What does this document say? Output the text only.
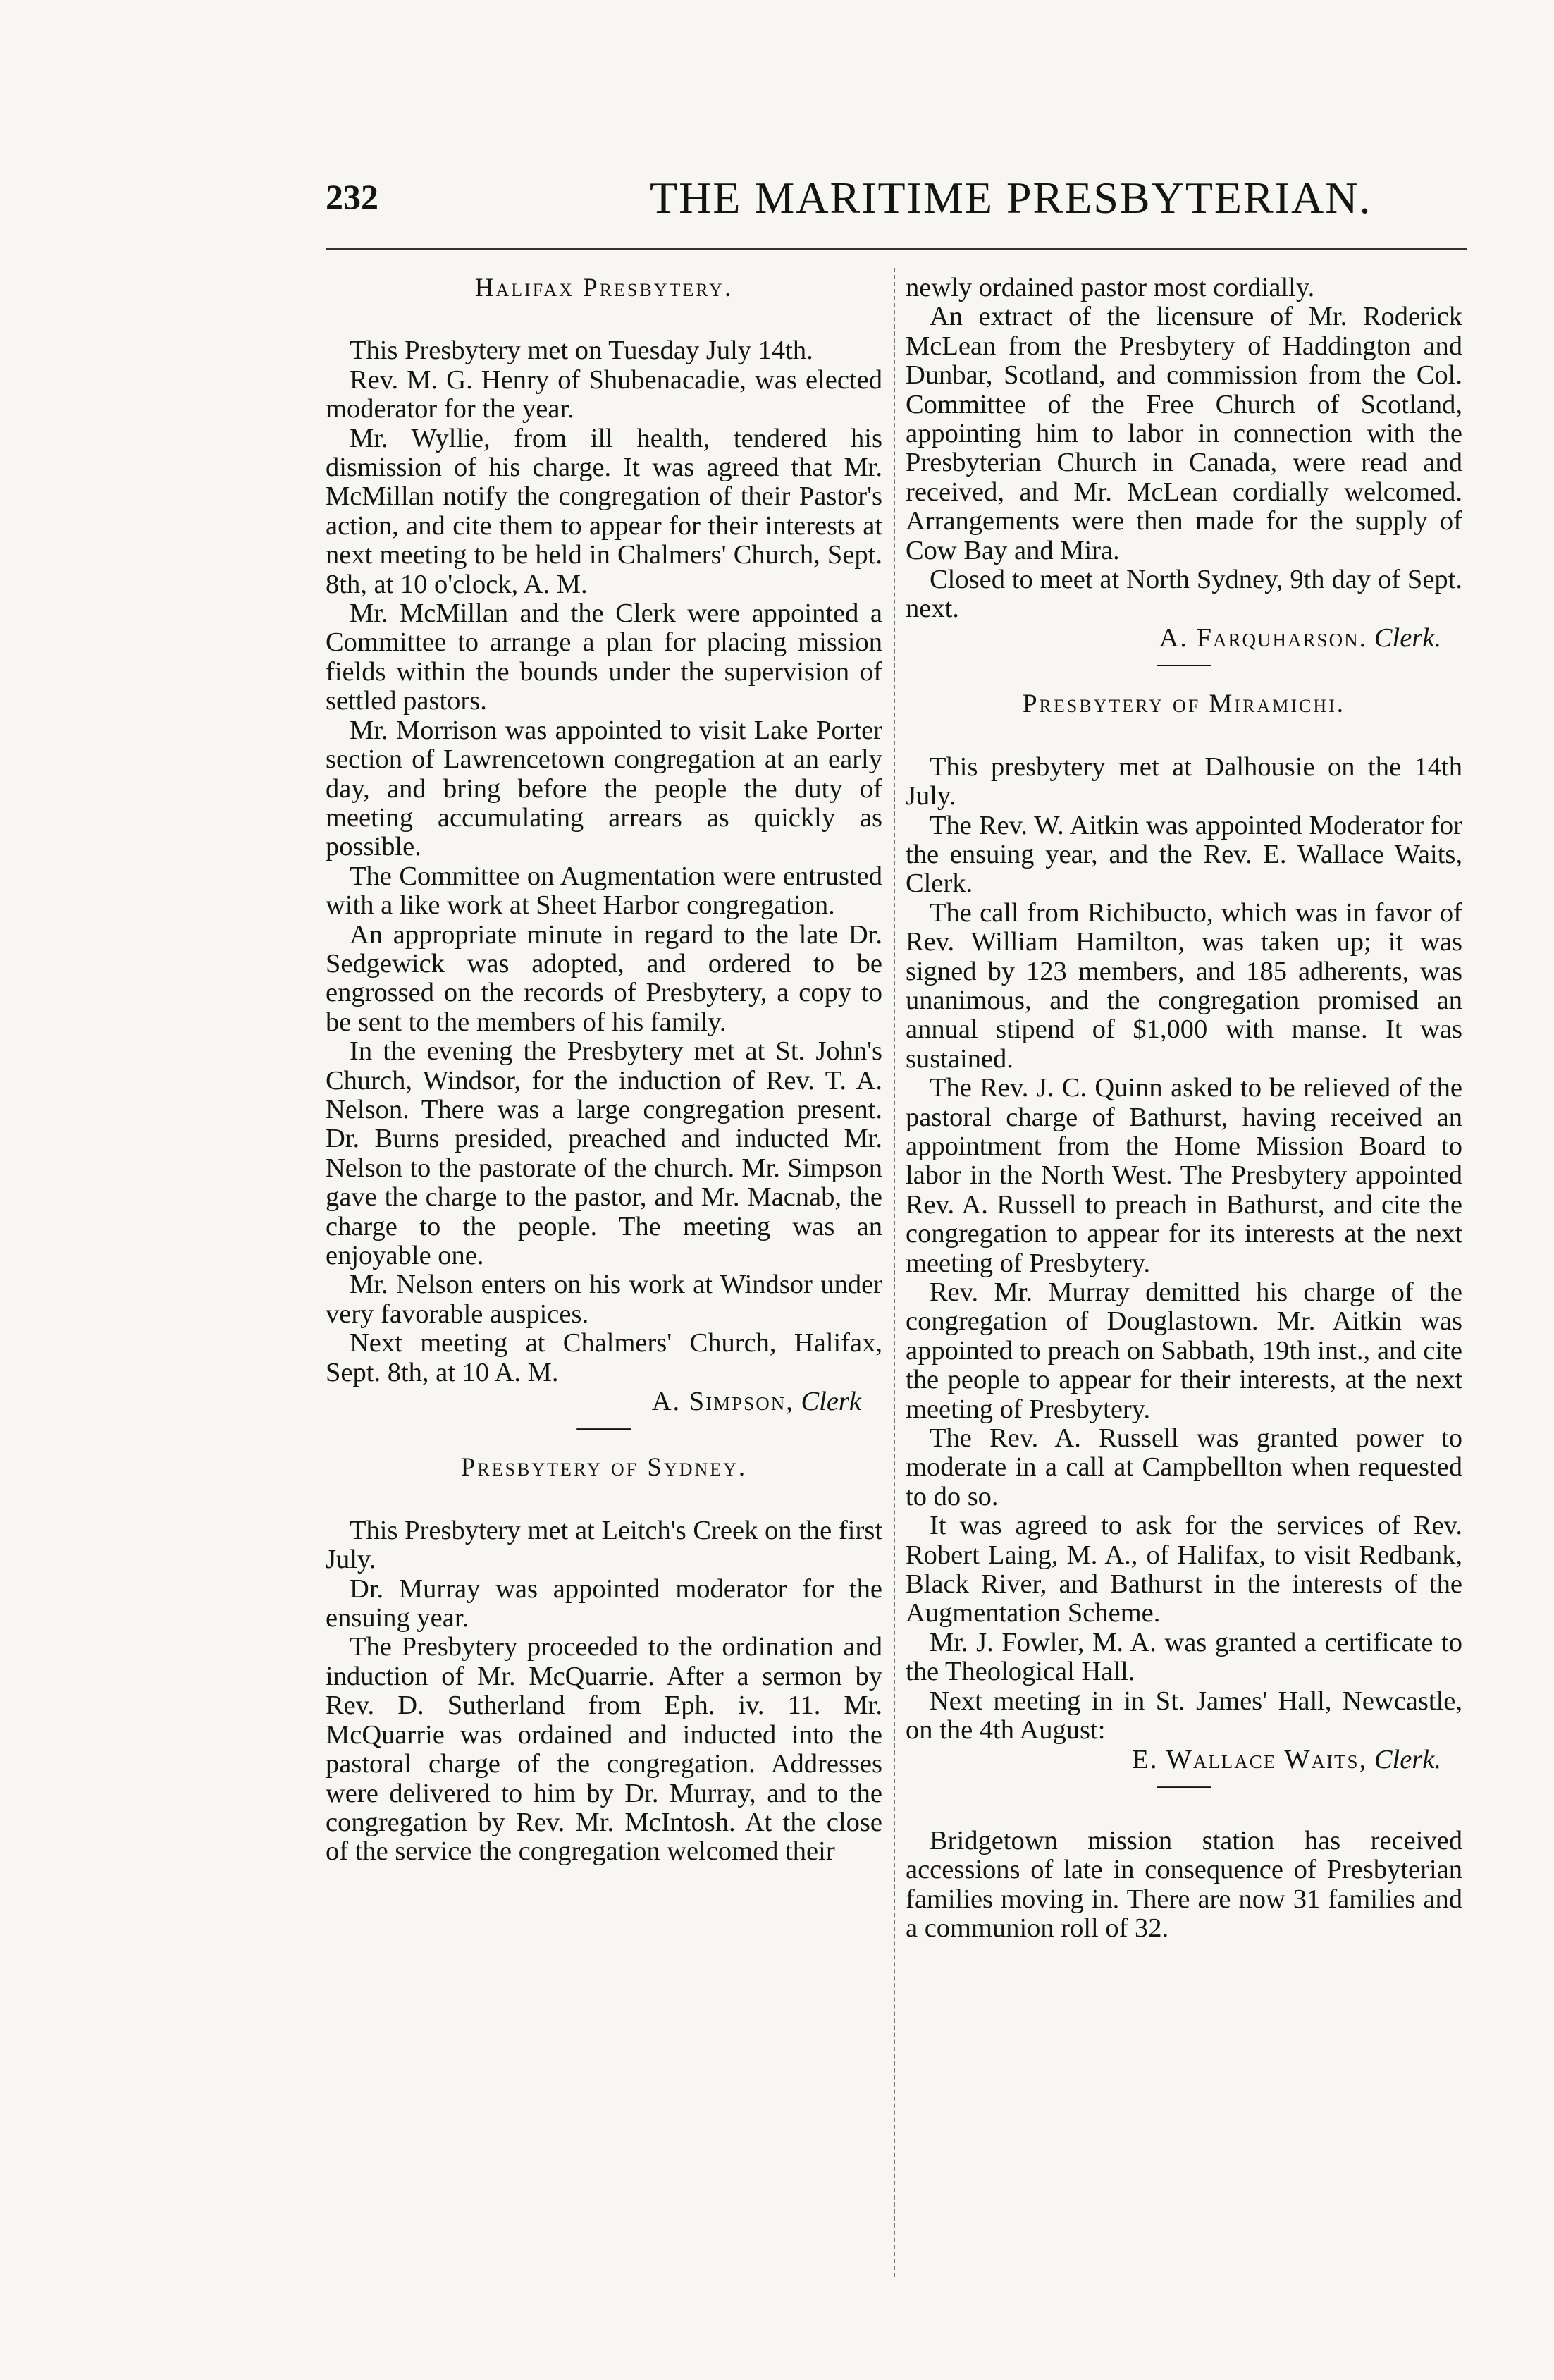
232	THE MARITIME PRESBYTERIAN.

Halifax Presbytery.

This Presbytery met on Tuesday July 14th.

Rev. M. G. Henry of Shubenacadie, was elected moderator for the year.

Mr. Wyllie, from ill health, tendered his dismission of his charge. It was agreed that Mr. McMillan notify the congregation of their Pastor's action, and cite them to appear for their interests at next meeting to be held in Chalmers' Church, Sept. 8th, at 10 o'clock, A. M.

Mr. McMillan and the Clerk were appointed a Committee to arrange a plan for placing mission fields within the bounds under the supervision of settled pastors.

Mr. Morrison was appointed to visit Lake Porter section of Lawrencetown congregation at an early day, and bring before the people the duty of meeting accumulating arrears as quickly as possible.

The Committee on Augmentation were entrusted with a like work at Sheet Harbor congregation.

An appropriate minute in regard to the late Dr. Sedgewick was adopted, and ordered to be engrossed on the records of Presbytery, a copy to be sent to the members of his family.

In the evening the Presbytery met at St. John's Church, Windsor, for the induction of Rev. T. A. Nelson. There was a large congregation present. Dr. Burns presided, preached and inducted Mr. Nelson to the pastorate of the church. Mr. Simpson gave the charge to the pastor, and Mr. Macnab, the charge to the people. The meeting was an enjoyable one.

Mr. Nelson enters on his work at Windsor under very favorable auspices.

Next meeting at Chalmers' Church, Halifax, Sept. 8th, at 10 A. M.

A. Simpson, Clerk

——

Presbytery of Sydney.

This Presbytery met at Leitch's Creek on the first July.

Dr. Murray was appointed moderator for the ensuing year.

The Presbytery proceeded to the ordination and induction of Mr. McQuarrie. After a sermon by Rev. D. Sutherland from Eph. iv. 11. Mr. McQuarrie was ordained and inducted into the pastoral charge of the congregation. Addresses were delivered to him by Dr. Murray, and to the congregation by Rev. Mr. McIntosh. At the close of the service the congregation welcomed their

newly ordained pastor most cordially.

An extract of the licensure of Mr. Roderick McLean from the Presbytery of Haddington and Dunbar, Scotland, and commission from the Col. Committee of the Free Church of Scotland, appointing him to labor in connection with the Presbyterian Church in Canada, were read and received, and Mr. McLean cordially welcomed. Arrangements were then made for the supply of Cow Bay and Mira.

Closed to meet at North Sydney, 9th day of Sept. next.

A. Farquharson. Clerk.

——

Presbytery of Miramichi.

This presbytery met at Dalhousie on the 14th July.

The Rev. W. Aitkin was appointed Moderator for the ensuing year, and the Rev. E. Wallace Waits, Clerk.

The call from Richibucto, which was in favor of Rev. William Hamilton, was taken up; it was signed by 123 members, and 185 adherents, was unanimous, and the congregation promised an annual stipend of $1,000 with manse. It was sustained.

The Rev. J. C. Quinn asked to be relieved of the pastoral charge of Bathurst, having received an appointment from the Home Mission Board to labor in the North West. The Presbytery appointed Rev. A. Russell to preach in Bathurst, and cite the congregation to appear for its interests at the next meeting of Presbytery.

Rev. Mr. Murray demitted his charge of the congregation of Douglastown. Mr. Aitkin was appointed to preach on Sabbath, 19th inst., and cite the people to appear for their interests, at the next meeting of Presbytery.

The Rev. A. Russell was granted power to moderate in a call at Campbellton when requested to do so.

It was agreed to ask for the services of Rev. Robert Laing, M. A., of Halifax, to visit Redbank, Black River, and Bathurst in the interests of the Augmentation Scheme.

Mr. J. Fowler, M. A. was granted a certificate to the Theological Hall.

Next meeting in in St. James' Hall, Newcastle, on the 4th August:

E. Wallace Waits, Clerk.

——

Bridgetown mission station has received accessions of late in consequence of Presbyterian families moving in. There are now 31 families and a communion roll of 32.
